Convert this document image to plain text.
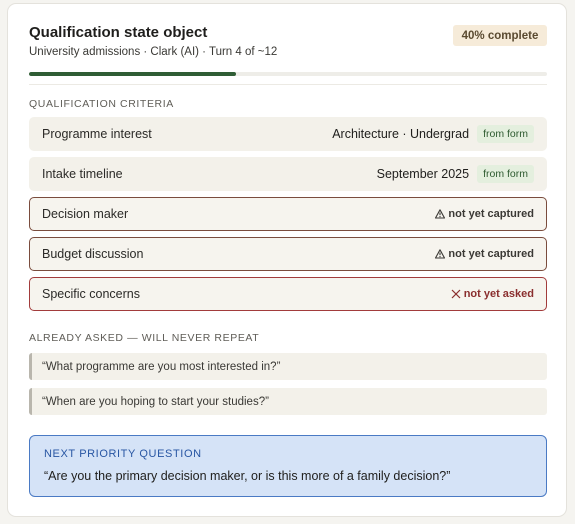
Qualification state object
University admissions · Clark (AI) · Turn 4 of ~12
40% complete
QUALIFICATION CRITERIA
Programme interest	Architecture · Undergrad	from form
Intake timeline	September 2025	from form
Decision maker	not yet captured
Budget discussion	not yet captured
Specific concerns	not yet asked
ALREADY ASKED — WILL NEVER REPEAT
“What programme are you most interested in?”
“When are you hoping to start your studies?”
NEXT PRIORITY QUESTION
“Are you the primary decision maker, or is this more of a family decision?”
